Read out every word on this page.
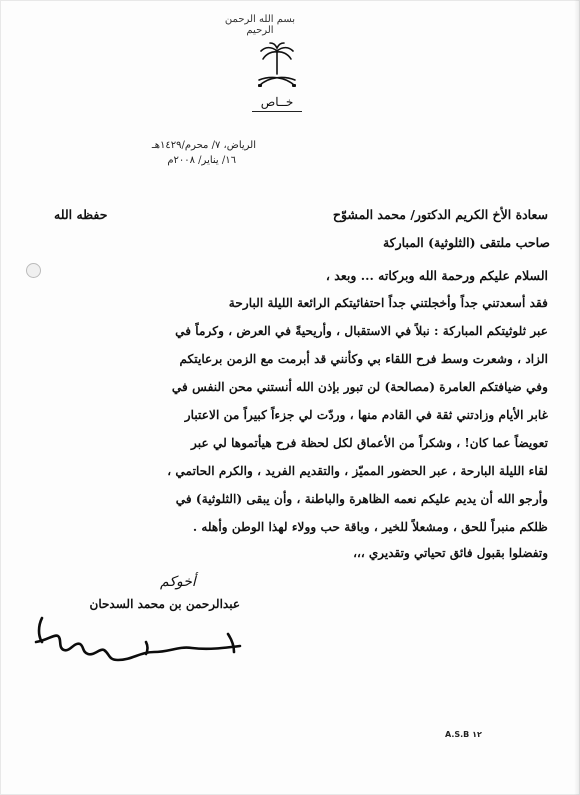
بسم الله الرحمن الرحيم
خــاص
الرياض، ٧/ محرم/١٤٢٩هـ
١٦/ يناير/ ٢٠٠٨م
سعادة الأخ الكريم الدكتور/ محمد المشوّح
حفظه الله
صاحب ملتقى (الثلوثية) المباركة
السلام عليكم ورحمة الله وبركاته ... وبعد ،
فقد أسعدتني جداً وأخجلتني جداً احتفائيتكم الرائعة الليلة البارحة
عبر ثلوثيتكم المباركة : نبلاً في الاستقبال ، وأريحيةً في العرض ، وكرماً في
الزاد ، وشعرت وسط فرح اللقاء بي وكأنني قد أبرمت مع الزمن برعايتكم
وفي ضيافتكم العامرة (مصالحة) لن تبور بإذن الله أنستني محن النفس في
غابر الأيام وزادتني ثقة في القادم منها ، وردّت لي جزءاً كبيراً من الاعتبار
تعويضاً عما كان! ، وشكراً من الأعماق لكل لحظة فرح هيأتموها لي عبر
لقاء الليلة البارحة ، عبر الحضور المميّز ، والتقديم الفريد ، والكرم الحاتمي ،
وأرجو الله أن يديم عليكم نعمه الظاهرة والباطنة ، وأن يبقى (الثلوثية) في
ظلكم منبراً للحق ، ومشعلاً للخير ، وباقة حب وولاء لهذا الوطن وأهله .
وتفضلوا بقبول فائق تحياتي وتقديري ،،،
أخوكم
عبدالرحمن بن محمد السدحان
A.S.B ١٢
